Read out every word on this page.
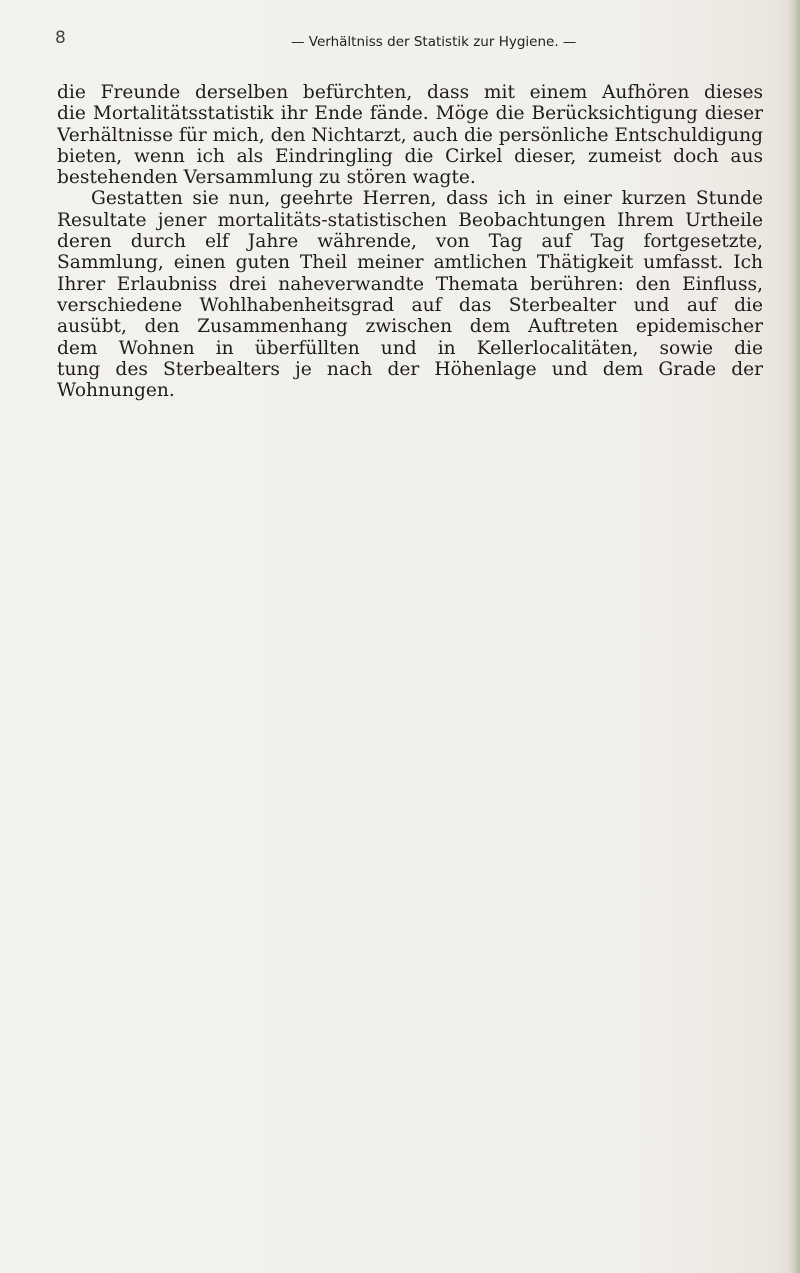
8	— Verhältniss der Statistik zur Hygiene. —

die Freunde derselben befürchten, dass mit einem Aufhören dieses
die Mortalitätsstatistik ihr Ende fände. Möge die Berücksichtigung dieser
Verhältnisse für mich, den Nichtarzt, auch die persönliche Entschuldigung
bieten, wenn ich als Eindringling die Cirkel dieser, zumeist doch aus
bestehenden Versammlung zu stören wagte.

Gestatten sie nun, geehrte Herren, dass ich in einer kurzen Stunde
Resultate jener mortalitäts-statistischen Beobachtungen Ihrem Urtheile
deren durch elf Jahre währende, von Tag auf Tag fortgesetzte,
Sammlung, einen guten Theil meiner amtlichen Thätigkeit umfasst. Ich
Ihrer Erlaubniss drei naheverwandte Themata berühren: den Einfluss,
verschiedene Wohlhabenheitsgrad auf das Sterbealter und auf die
ausübt, den Zusammenhang zwischen dem Auftreten epidemischer
dem Wohnen in überfüllten und in Kellerlocalitäten, sowie die
tung des Sterbealters je nach der Höhenlage und dem Grade der
Wohnungen.
